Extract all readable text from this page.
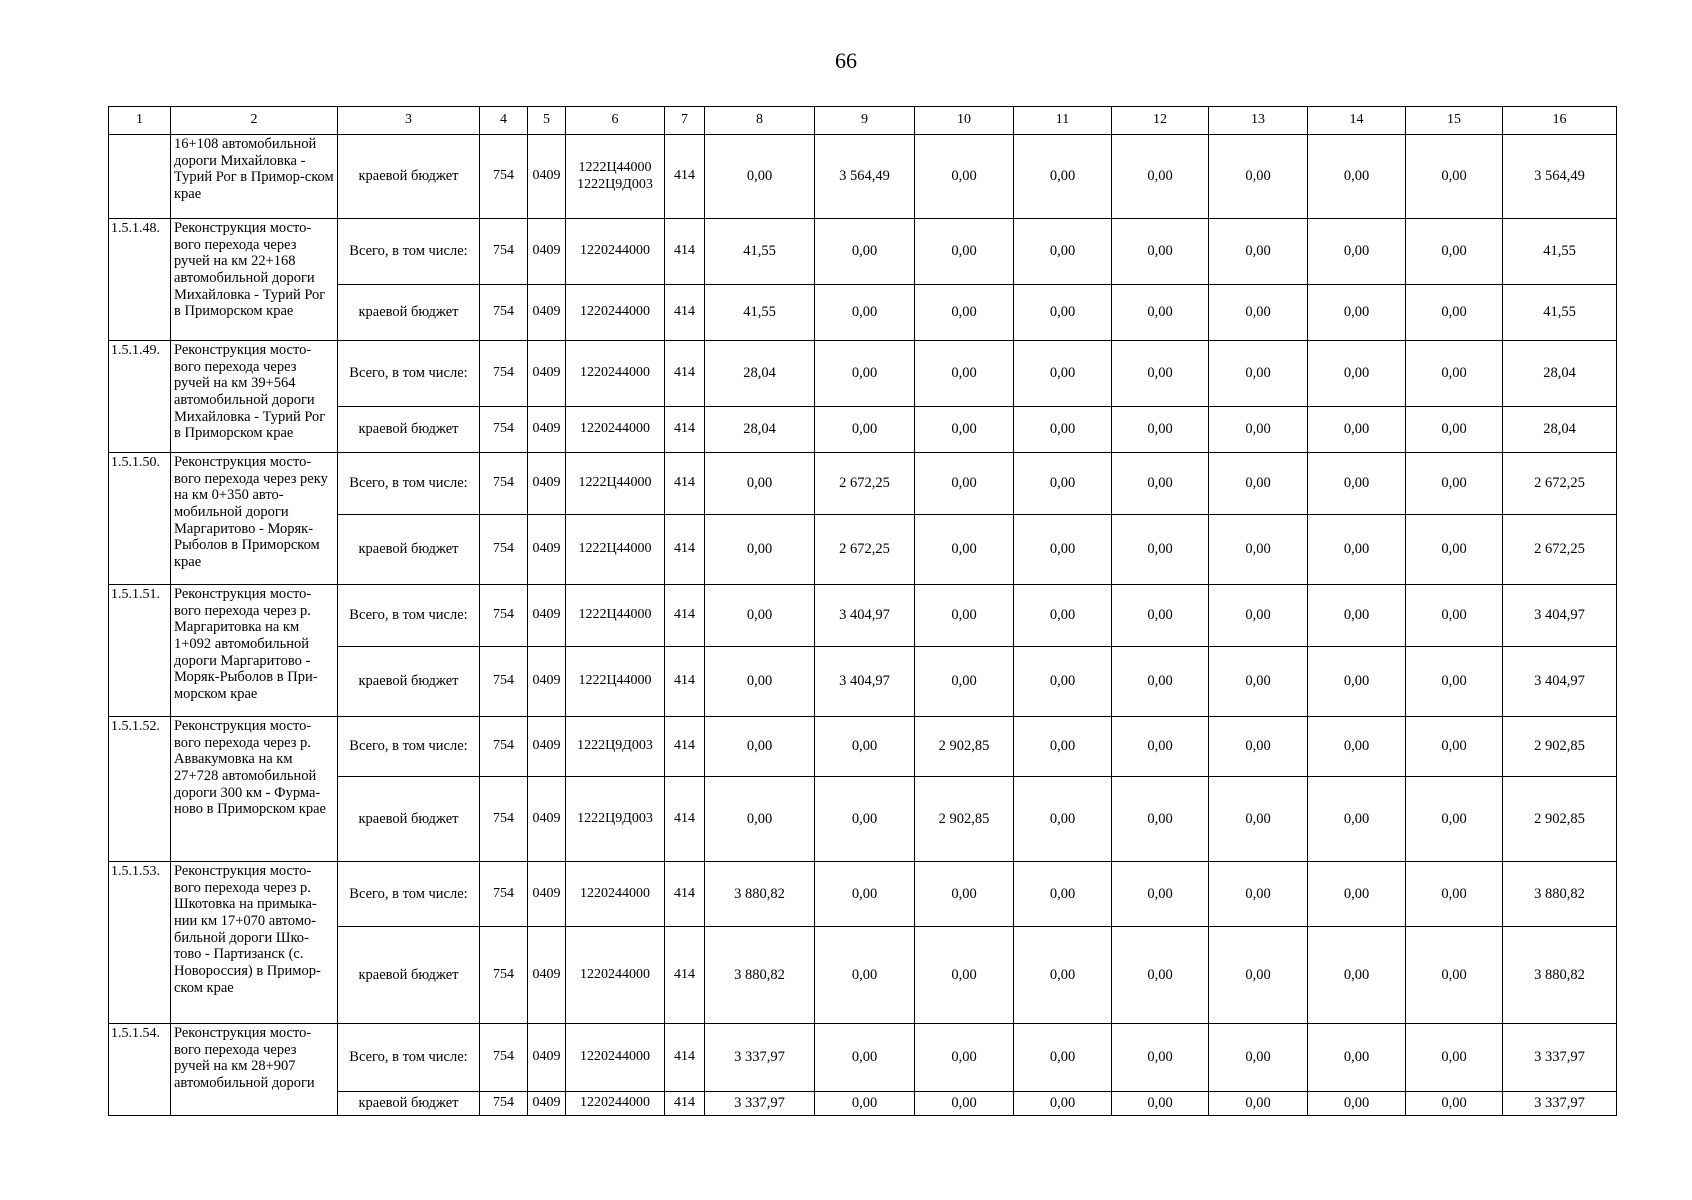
66
1	2	3	4	5	6	7	8	9	10	11	12	13	14	15	16
	16+108 автомобильной дороги Михайловка - Турий Рог в Примор-ском крае	краевой бюджет	754	0409	1222Ц44000 1222Ц9Д003	414	0,00	3 564,49	0,00	0,00	0,00	0,00	0,00	0,00	3 564,49
1.5.1.48.	Реконструкция мосто-вого перехода через ручей на км 22+168 автомобильной дороги Михайловка - Турий Рог в Приморском крае	Всего, в том числе:	754	0409	1220244000	414	41,55	0,00	0,00	0,00	0,00	0,00	0,00	0,00	41,55
		краевой бюджет	754	0409	1220244000	414	41,55	0,00	0,00	0,00	0,00	0,00	0,00	0,00	41,55
1.5.1.49.	Реконструкция мосто-вого перехода через ручей на км 39+564 автомобильной дороги Михайловка - Турий Рог в Приморском крае	Всего, в том числе:	754	0409	1220244000	414	28,04	0,00	0,00	0,00	0,00	0,00	0,00	0,00	28,04
		краевой бюджет	754	0409	1220244000	414	28,04	0,00	0,00	0,00	0,00	0,00	0,00	0,00	28,04
1.5.1.50.	Реконструкция мосто-вого перехода через реку на км 0+350 авто-мобильной дороги Маргаритово - Моряк-Рыболов в Приморском крае	Всего, в том числе:	754	0409	1222Ц44000	414	0,00	2 672,25	0,00	0,00	0,00	0,00	0,00	0,00	2 672,25
		краевой бюджет	754	0409	1222Ц44000	414	0,00	2 672,25	0,00	0,00	0,00	0,00	0,00	0,00	2 672,25
1.5.1.51.	Реконструкция мосто-вого перехода через р. Маргаритовка на км 1+092 автомобильной дороги Маргаритово - Моряк-Рыболов в При-морском крае	Всего, в том числе:	754	0409	1222Ц44000	414	0,00	3 404,97	0,00	0,00	0,00	0,00	0,00	0,00	3 404,97
		краевой бюджет	754	0409	1222Ц44000	414	0,00	3 404,97	0,00	0,00	0,00	0,00	0,00	0,00	3 404,97
1.5.1.52.	Реконструкция мосто-вого перехода через р. Аввакумовка на км 27+728 автомобильной дороги 300 км - Фурма-ново в Приморском крае	Всего, в том числе:	754	0409	1222Ц9Д003	414	0,00	0,00	2 902,85	0,00	0,00	0,00	0,00	0,00	2 902,85
		краевой бюджет	754	0409	1222Ц9Д003	414	0,00	0,00	2 902,85	0,00	0,00	0,00	0,00	0,00	2 902,85
1.5.1.53.	Реконструкция мосто-вого перехода через р. Шкотовка на примыка-нии км 17+070 автомо-бильной дороги Шко-тово - Партизанск (с. Новороссия) в Примор-ском крае	Всего, в том числе:	754	0409	1220244000	414	3 880,82	0,00	0,00	0,00	0,00	0,00	0,00	0,00	3 880,82
		краевой бюджет	754	0409	1220244000	414	3 880,82	0,00	0,00	0,00	0,00	0,00	0,00	0,00	3 880,82
1.5.1.54.	Реконструкция мосто-вого перехода через ручей на км 28+907 автомобильной дороги	Всего, в том числе:	754	0409	1220244000	414	3 337,97	0,00	0,00	0,00	0,00	0,00	0,00	0,00	3 337,97
		краевой бюджет	754	0409	1220244000	414	3 337,97	0,00	0,00	0,00	0,00	0,00	0,00	0,00	3 337,97
